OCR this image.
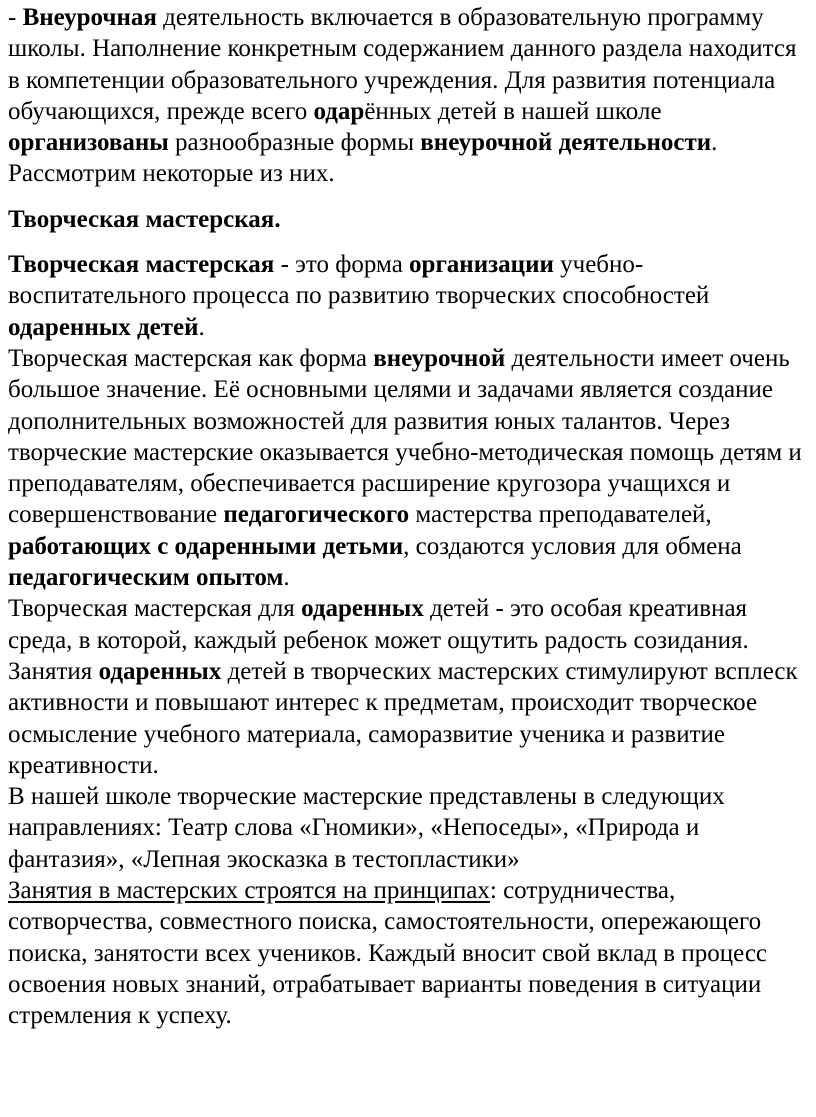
- Внеурочная деятельность включается в образовательную программу школы. Наполнение конкретным содержанием данного раздела находится в компетенции образовательного учреждения. Для развития потенциала обучающихся, прежде всего одарённых детей в нашей школе организованы разнообразные формы внеурочной деятельности. Рассмотрим некоторые из них.

Творческая мастерская.

Творческая мастерская - это форма организации учебно-воспитательного процесса по развитию творческих способностей одаренных детей.

Творческая мастерская как форма внеурочной деятельности имеет очень большое значение. Её основными целями и задачами является создание дополнительных возможностей для развития юных талантов. Через творческие мастерские оказывается учебно-методическая помощь детям и преподавателям, обеспечивается расширение кругозора учащихся и совершенствование педагогического мастерства преподавателей, работающих с одаренными детьми, создаются условия для обмена педагогическим опытом.

Творческая мастерская для одаренных детей - это особая креативная среда, в которой, каждый ребенок может ощутить радость созидания.

Занятия одаренных детей в творческих мастерских стимулируют всплеск активности и повышают интерес к предметам, происходит творческое осмысление учебного материала, саморазвитие ученика и развитие креативности.

В нашей школе творческие мастерские представлены в следующих направлениях: Театр слова «Гномики», «Непоседы», «Природа и фантазия», «Лепная экосказка в тестопластики»

Занятия в мастерских строятся на принципах: сотрудничества, сотворчества, совместного поиска, самостоятельности, опережающего поиска, занятости всех учеников. Каждый вносит свой вклад в процесс освоения новых знаний, отрабатывает варианты поведения в ситуации стремления к успеху.
